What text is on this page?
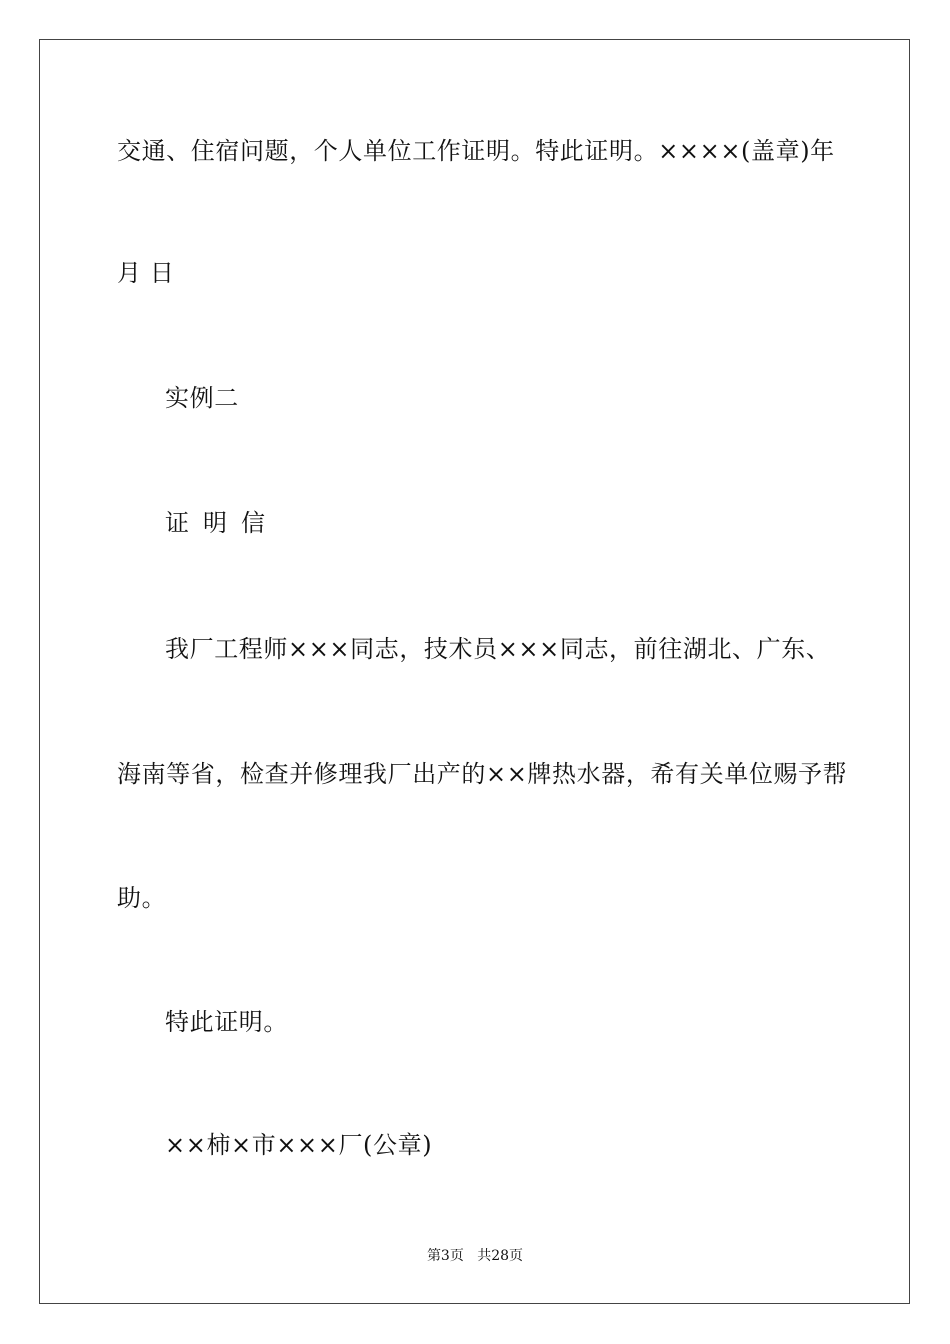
交通、住宿问题，个人单位工作证明。特此证明。××××(盖章)年
月 日
实例二
证明信
我厂工程师×××同志，技术员×××同志，前往湖北、广东、
海南等省，检查并修理我厂出产的××牌热水器，希有关单位赐予帮
助。
特此证明。
××柿×市×××厂(公章)
第3页 共28页
